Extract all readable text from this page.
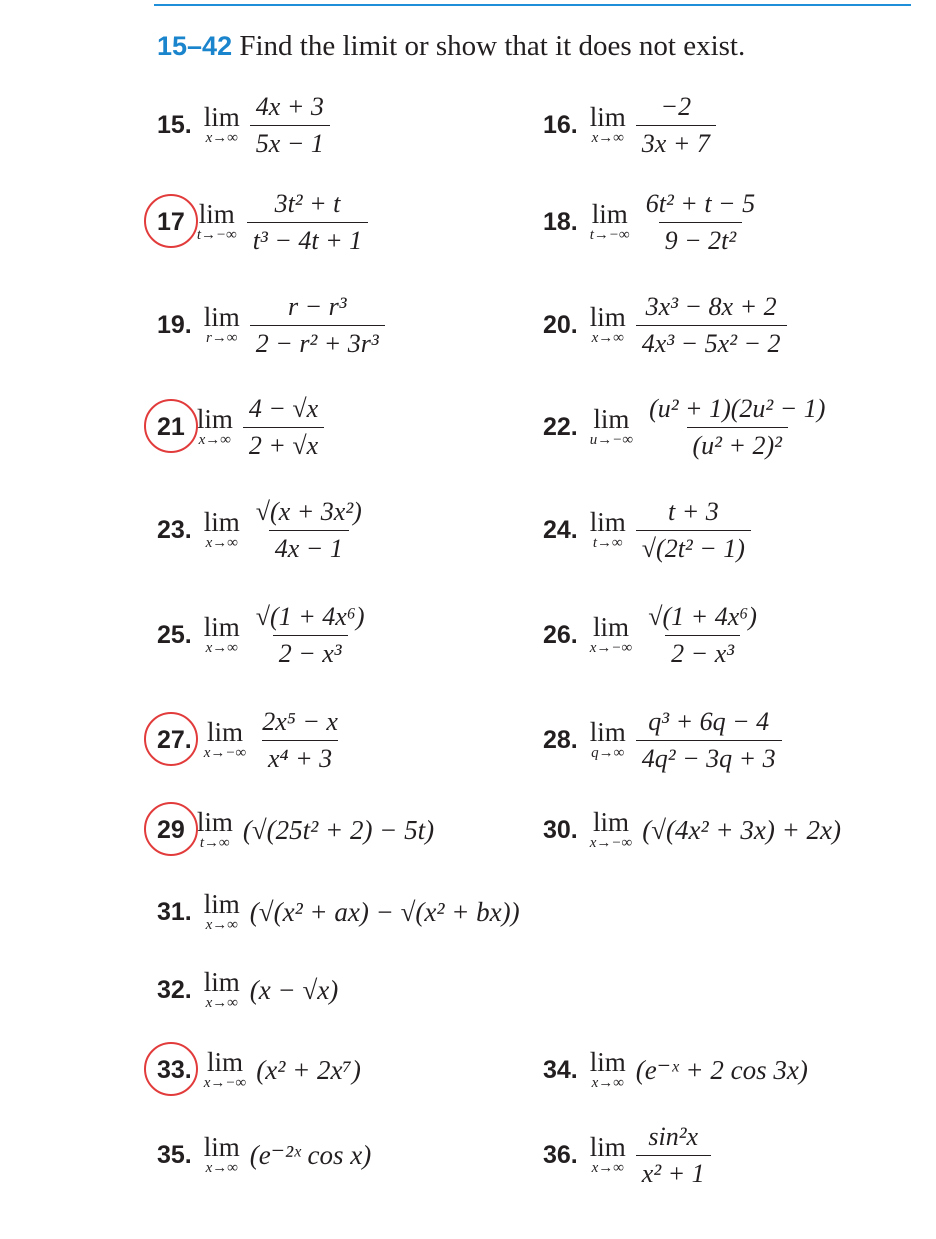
15–42 Find the limit or show that it does not exist.
15. lim
$x\to\infty \frac{4x + 3}{5x - 1}$	16. lim
$x\to\infty \frac{-2}{3x + 7}$
17 lim
$t\to-\infty \frac{\text{3t² + t}}{\text{t³ − 4t + 1}}$	18. lim
$t\to-\infty \frac{\text{6t² + t − 5}}{\text{9 − 2t²}}$
19. lim
$r\to\infty \frac{\text{r − r³}}{\text{2 − r² + 3r³}}$	20. lim
$x\to\infty \frac{\text{3x³ − 8x + 2}}{\text{4x³ − 5x² − 2}}$
21 lim
$x\to\infty \frac{4 - √x}{2 + √x}$	22. lim
$u\to-\infty \frac{\text{(u² + 1)(2u² − 1)}}{\text{(u² + 2)²}}$
23. lim
$x\to\infty \frac{\text{√(x + 3x²)}}{4x - 1}$	24. lim
$t\to\infty \frac{t + 3}{\text{√(2t² − 1)}}$
25. lim
$x\to\infty \frac{\text{√(1 + 4x⁶)}}{\text{2 − x³}}$	26. lim
$x\to-\infty \frac{\text{√(1 + 4x⁶)}}{\text{2 − x³}}$
27. lim
$x\to-\infty \frac{\text{2x⁵ − x}}{\text{x⁴ + 3}}$	28. lim
$q\to\infty \frac{\text{q³ + 6q − 4}}{\text{4q² − 3q + 3}}$
29 lim
t→∞ (√(25t² + 2) − 5t)	30. lim
x→−∞ (√(4x² + 3x) + 2x)
31. lim
x→∞ (√(x² + ax) − √(x² + bx))
32. lim
x→∞ (x − √x)
33. lim
x→−∞ (x² + 2x⁷)	34. lim
x→∞ (e⁻ˣ + 2 cos 3x)
35. lim
x→∞ (e⁻²ˣ cos x)	36. lim
$x\to\infty \frac{\text{sin²x}}{\text{x² + 1}}$
